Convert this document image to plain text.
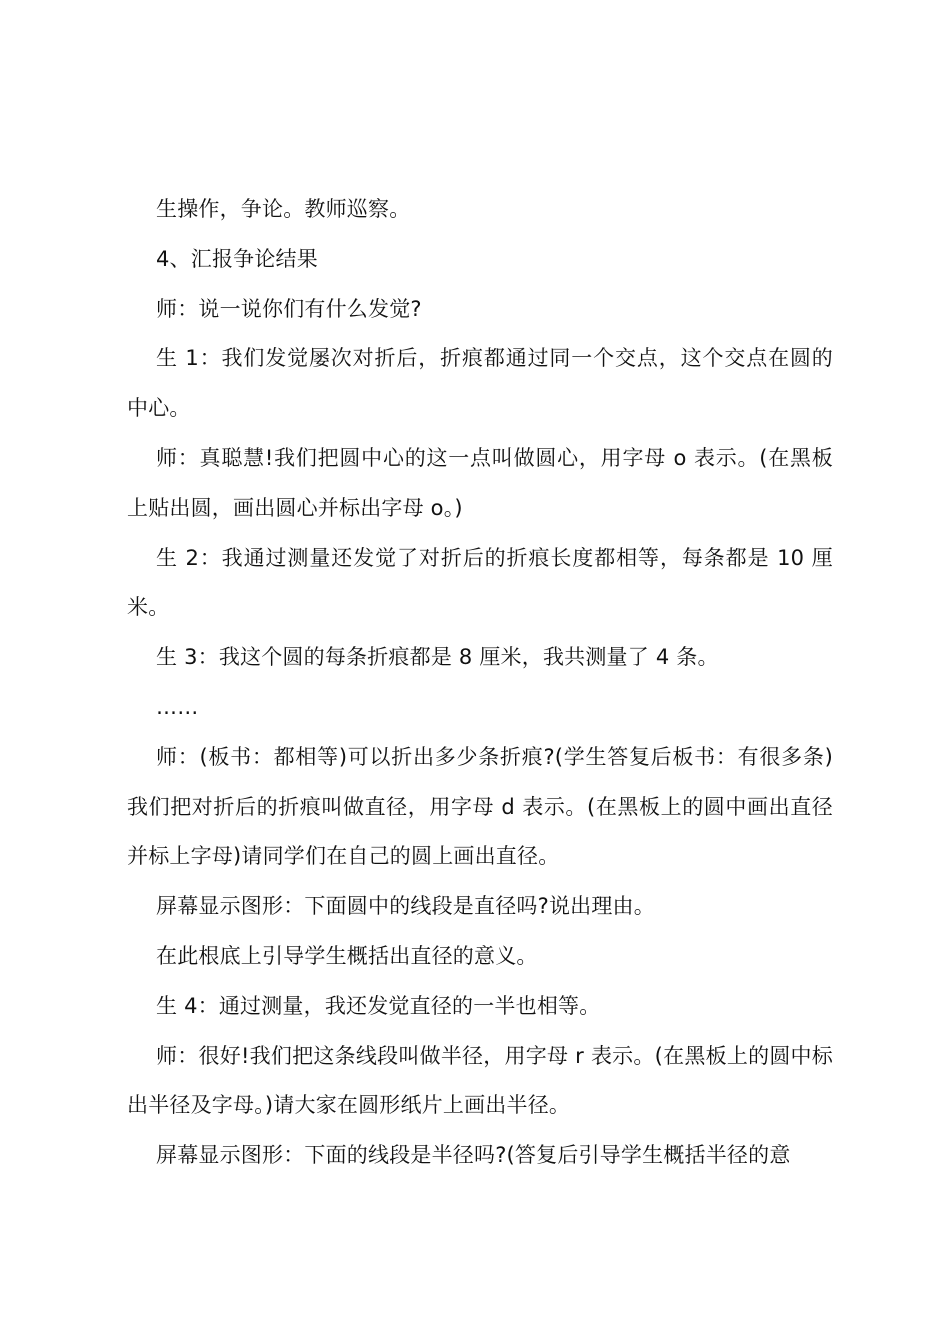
生操作，争论。教师巡察。

4、汇报争论结果

师：说一说你们有什么发觉?

生 1：我们发觉屡次对折后，折痕都通过同一个交点，这个交点在圆的中心。

师：真聪慧!我们把圆中心的这一点叫做圆心，用字母 o 表示。(在黑板上贴出圆，画出圆心并标出字母 o。)

生 2：我通过测量还发觉了对折后的折痕长度都相等，每条都是 10 厘米。

生 3：我这个圆的每条折痕都是 8 厘米，我共测量了 4 条。

……

师：(板书：都相等)可以折出多少条折痕?(学生答复后板书：有很多条)我们把对折后的折痕叫做直径，用字母 d 表示。(在黑板上的圆中画出直径并标上字母)请同学们在自己的圆上画出直径。

屏幕显示图形：下面圆中的线段是直径吗?说出理由。

在此根底上引导学生概括出直径的意义。

生 4：通过测量，我还发觉直径的一半也相等。

师：很好!我们把这条线段叫做半径，用字母 r 表示。(在黑板上的圆中标出半径及字母。)请大家在圆形纸片上画出半径。

屏幕显示图形：下面的线段是半径吗?(答复后引导学生概括半径的意
